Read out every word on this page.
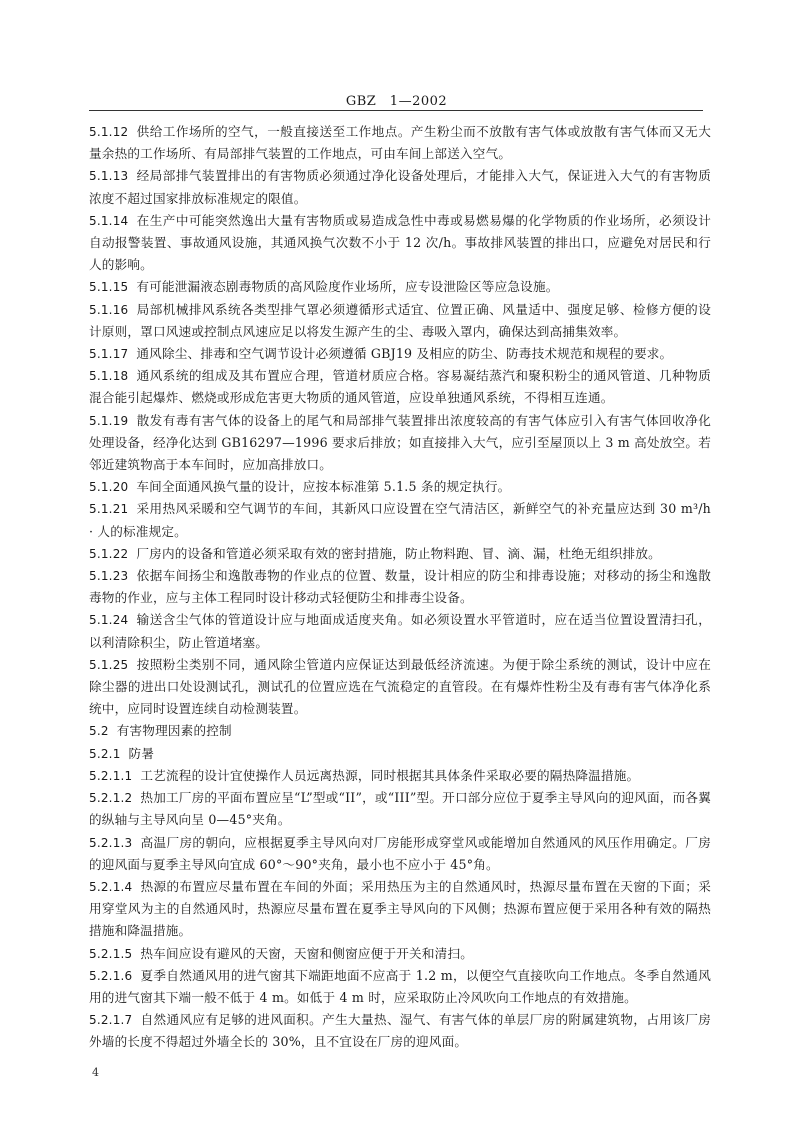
GBZ　1—2002
5.1.12 供给工作场所的空气，一般直接送至工作地点。产生粉尘而不放散有害气体或放散有害气体而又无大量余热的工作场所、有局部排气装置的工作地点，可由车间上部送入空气。
5.1.13 经局部排气装置排出的有害物质必须通过净化设备处理后，才能排入大气，保证进入大气的有害物质浓度不超过国家排放标准规定的限值。
5.1.14 在生产中可能突然逸出大量有害物质或易造成急性中毒或易燃易爆的化学物质的作业场所，必须设计自动报警装置、事故通风设施，其通风换气次数不小于 12 次/h。事故排风装置的排出口，应避免对居民和行人的影响。
5.1.15 有可能泄漏液态剧毒物质的高风险度作业场所，应专设泄险区等应急设施。
5.1.16 局部机械排风系统各类型排气罩必须遵循形式适宜、位置正确、风量适中、强度足够、检修方便的设计原则，罩口风速或控制点风速应足以将发生源产生的尘、毒吸入罩内，确保达到高捕集效率。
5.1.17 通风除尘、排毒和空气调节设计必须遵循 GBJ19 及相应的防尘、防毒技术规范和规程的要求。
5.1.18 通风系统的组成及其布置应合理，管道材质应合格。容易凝结蒸汽和聚积粉尘的通风管道、几种物质混合能引起爆炸、燃烧或形成危害更大物质的通风管道，应设单独通风系统，不得相互连通。
5.1.19 散发有毒有害气体的设备上的尾气和局部排气装置排出浓度较高的有害气体应引入有害气体回收净化处理设备，经净化达到 GB16297—1996 要求后排放；如直接排入大气，应引至屋顶以上 3 m 高处放空。若邻近建筑物高于本车间时，应加高排放口。
5.1.20 车间全面通风换气量的设计，应按本标准第 5.1.5 条的规定执行。
5.1.21 采用热风采暖和空气调节的车间，其新风口应设置在空气清洁区，新鲜空气的补充量应达到 30 m³/h · 人的标准规定。
5.1.22 厂房内的设备和管道必须采取有效的密封措施，防止物料跑、冒、滴、漏，杜绝无组织排放。
5.1.23 依据车间扬尘和逸散毒物的作业点的位置、数量，设计相应的防尘和排毒设施；对移动的扬尘和逸散毒物的作业，应与主体工程同时设计移动式轻便防尘和排毒尘设备。
5.1.24 输送含尘气体的管道设计应与地面成适度夹角。如必须设置水平管道时，应在适当位置设置清扫孔，以利清除积尘，防止管道堵塞。
5.1.25 按照粉尘类别不同，通风除尘管道内应保证达到最低经济流速。为便于除尘系统的测试，设计中应在除尘器的进出口处设测试孔，测试孔的位置应选在气流稳定的直管段。在有爆炸性粉尘及有毒有害气体净化系统中，应同时设置连续自动检测装置。
5.2 有害物理因素的控制
5.2.1 防暑
5.2.1.1 工艺流程的设计宜使操作人员远离热源，同时根据其具体条件采取必要的隔热降温措施。
5.2.1.2 热加工厂房的平面布置应呈“L”型或“II”，或“III”型。开口部分应位于夏季主导风向的迎风面，而各翼的纵轴与主导风向呈 0—45°夹角。
5.2.1.3 高温厂房的朝向，应根据夏季主导风向对厂房能形成穿堂风或能增加自然通风的风压作用确定。厂房的迎风面与夏季主导风向宜成 60°～90°夹角，最小也不应小于 45°角。
5.2.1.4 热源的布置应尽量布置在车间的外面；采用热压为主的自然通风时，热源尽量布置在天窗的下面；采用穿堂风为主的自然通风时，热源应尽量布置在夏季主导风向的下风侧；热源布置应便于采用各种有效的隔热措施和降温措施。
5.2.1.5 热车间应设有避风的天窗，天窗和侧窗应便于开关和清扫。
5.2.1.6 夏季自然通风用的进气窗其下端距地面不应高于 1.2 m，以便空气直接吹向工作地点。冬季自然通风用的进气窗其下端一般不低于 4 m。如低于 4 m 时，应采取防止冷风吹向工作地点的有效措施。
5.2.1.7 自然通风应有足够的进风面积。产生大量热、湿气、有害气体的单层厂房的附属建筑物，占用该厂房外墙的长度不得超过外墙全长的 30%，且不宜设在厂房的迎风面。
4
